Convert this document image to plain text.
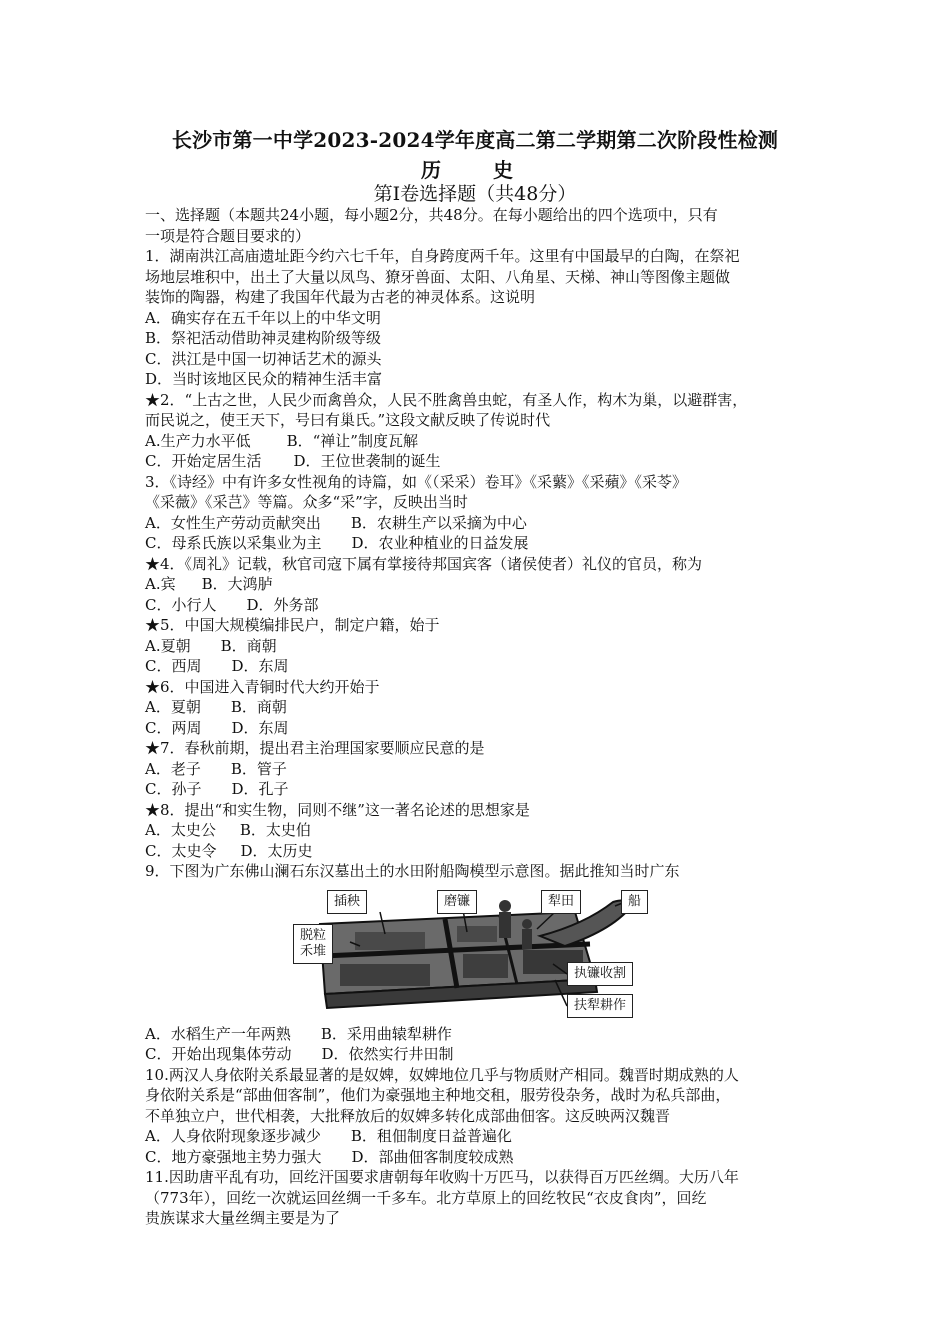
长沙市第一中学2023-2024学年度高二第二学期第二次阶段性检测
历　史
第Ⅰ卷选择题（共48分）
一、选择题（本题共24小题，每小题2分，共48分。在每小题给出的四个选项中，只有
一项是符合题目要求的）
1．湖南洪江高庙遗址距今约六七千年，自身跨度两千年。这里有中国最早的白陶，在祭祀
场地层堆积中，出土了大量以凤鸟、獠牙兽面、太阳、八角星、天梯、神山等图像主题做
装饰的陶器，构建了我国年代最为古老的神灵体系。这说明
A．确实存在五千年以上的中华文明
B．祭祀活动借助神灵建构阶级等级
C．洪江是中国一切神话艺术的源头
D．当时该地区民众的精神生活丰富
★2．“上古之世，人民少而禽兽众，人民不胜禽兽虫蛇，有圣人作，构木为巢，以避群害，
而民说之，使王天下，号曰有巢氏。”这段文献反映了传说时代
A.生产力水平低 B．“禅让”制度瓦解
C．开始定居生活 D．王位世袭制的诞生
3．《诗经》中有许多女性视角的诗篇，如《（采采）卷耳》《采蘩》《采蘋》《采苓》
《采薇》《采芑》等篇。众多“采”字，反映出当时
A．女性生产劳动贡献突出 B．农耕生产以采摘为中心
C．母系氏族以采集业为主 D．农业种植业的日益发展
★4．《周礼》记载，秋官司寇下属有掌接待邦国宾客（诸侯使者）礼仪的官员，称为
A.宾 B．大鸿胪
C．小行人 D．外务部
★5．中国大规模编排民户，制定户籍，始于
A.夏朝 B．商朝
C．西周 D．东周
★6．中国进入青铜时代大约开始于
A．夏朝 B．商朝
C．两周 D．东周
★7．春秋前期，提出君主治理国家要顺应民意的是
A．老子 B．管子
C．孙子 D．孔子
★8．提出“和实生物，同则不继”这一著名论述的思想家是
A．太史公 B．太史伯
C．太史令 D．太历史
9．下图为广东佛山澜石东汉墓出土的水田附船陶模型示意图。据此推知当时广东
插秧	磨镰	犁田	船
脱粒
禾堆
执镰收割
扶犁耕作
A．水稻生产一年两熟 B．采用曲辕犁耕作
C．开始出现集体劳动 D．依然实行井田制
10.两汉人身依附关系最显著的是奴婢，奴婢地位几乎与物质财产相同。魏晋时期成熟的人
身依附关系是“部曲佃客制”，他们为豪强地主种地交租，服劳役杂务，战时为私兵部曲，
不单独立户，世代相袭，大批释放后的奴婢多转化成部曲佃客。这反映两汉魏晋
A．人身依附现象逐步减少 B．租佃制度日益普遍化
C．地方豪强地主势力强大 D．部曲佃客制度较成熟
11.因助唐平乱有功，回纥汗国要求唐朝每年收购十万匹马，以获得百万匹丝绸。大历八年
（773年），回纥一次就运回丝绸一千多车。北方草原上的回纥牧民“衣皮食肉”，回纥
贵族谋求大量丝绸主要是为了
